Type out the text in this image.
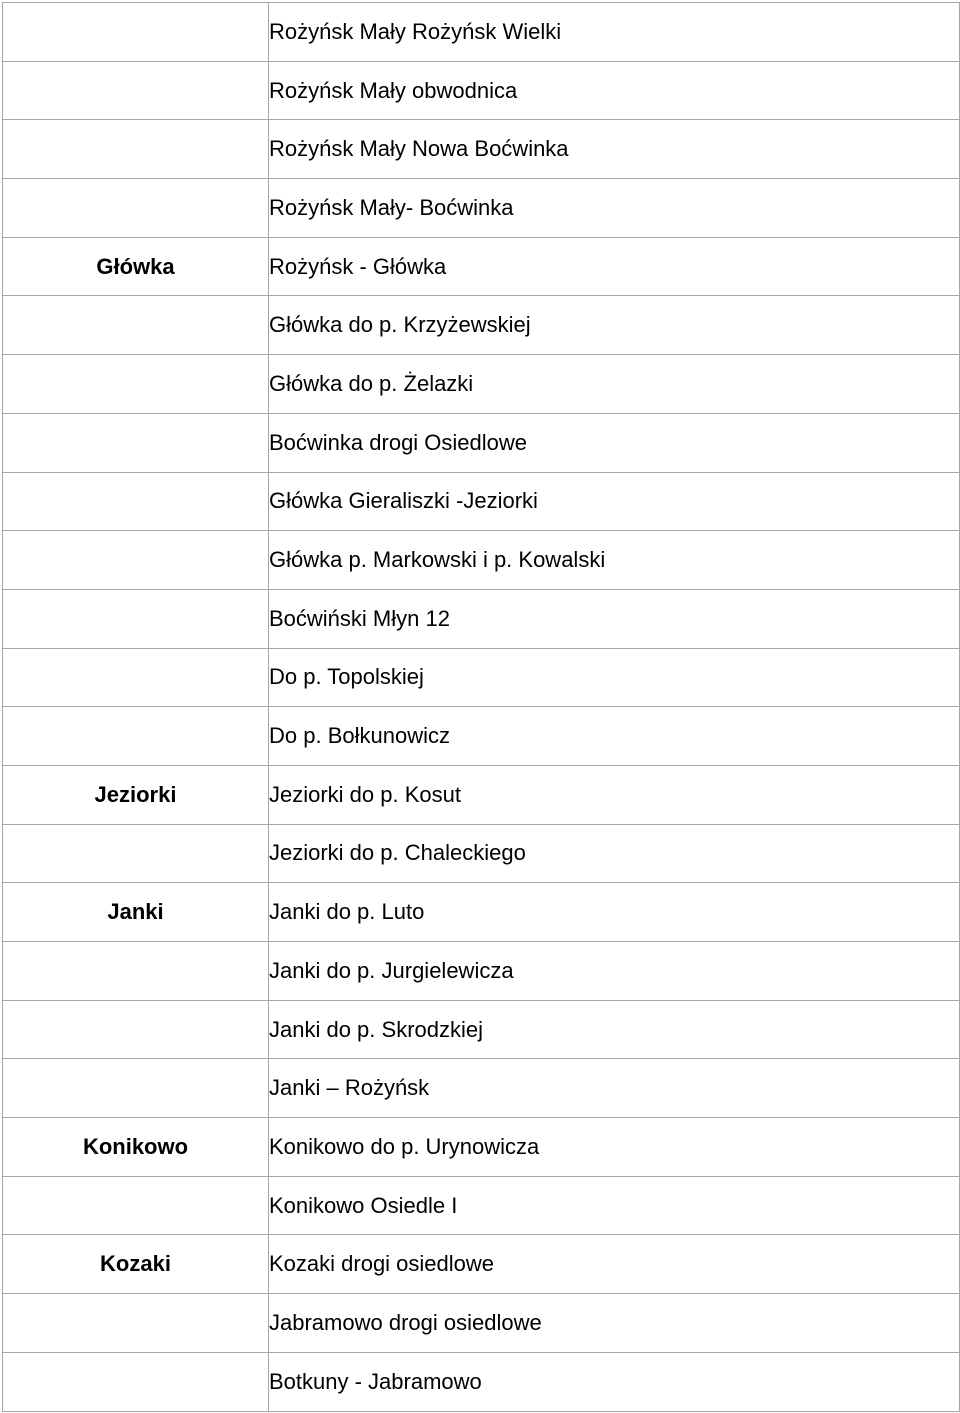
	Rożyńsk Mały Rożyńsk Wielki
	Rożyńsk Mały obwodnica
	Rożyńsk Mały Nowa Boćwinka
	Rożyńsk Mały- Boćwinka
Główka	Rożyńsk - Główka
	Główka do p. Krzyżewskiej
	Główka do p. Żelazki
	Boćwinka drogi Osiedlowe
	Główka Gieraliszki -Jeziorki
	Główka p. Markowski i p. Kowalski
	Boćwiński Młyn 12
	Do p. Topolskiej
	Do p. Bołkunowicz
Jeziorki	Jeziorki do p. Kosut
	Jeziorki do p. Chaleckiego
Janki	Janki do p. Luto
	Janki do p. Jurgielewicza
	Janki do p. Skrodzkiej
	Janki – Rożyńsk
Konikowo	Konikowo do p. Urynowicza
	Konikowo Osiedle I
Kozaki	Kozaki drogi osiedlowe
	Jabramowo drogi osiedlowe
	Botkuny - Jabramowo
